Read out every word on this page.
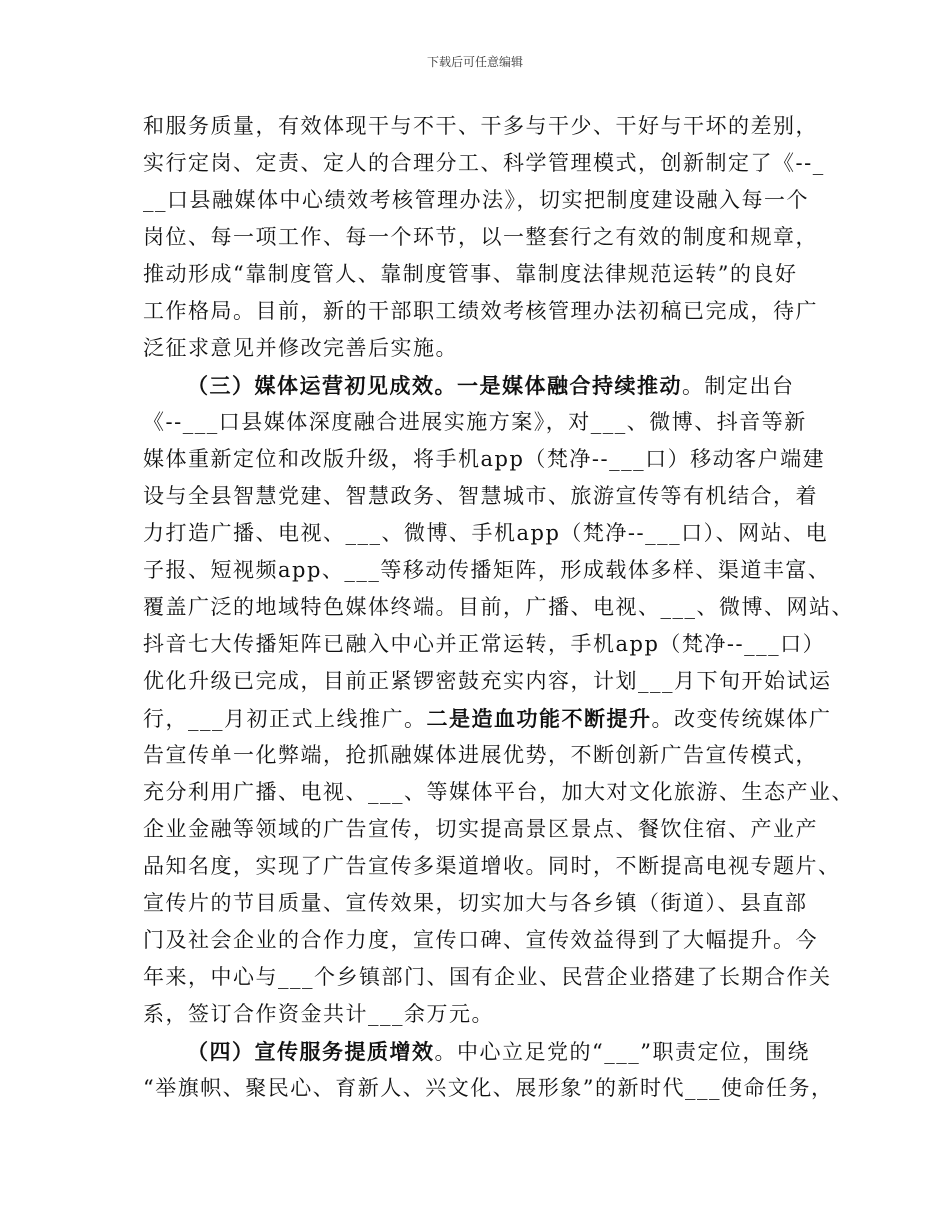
下载后可任意编辑
和服务质量，有效体现干与不干、干多与干少、干好与干坏的差别，
实行定岗、定责、定人的合理分工、科学管理模式，创新制定了《--_
__口县融媒体中心绩效考核管理办法》，切实把制度建设融入每一个
岗位、每一项工作、每一个环节，以一整套行之有效的制度和规章，
推动形成“靠制度管人、靠制度管事、靠制度法律规范运转”的良好
工作格局。目前，新的干部职工绩效考核管理办法初稿已完成，待广
泛征求意见并修改完善后实施。
（三）媒体运营初见成效。一是媒体融合持续推动。制定出台
《--___口县媒体深度融合进展实施方案》，对___、微博、抖音等新
媒体重新定位和改版升级，将手机app（梵净--___口）移动客户端建
设与全县智慧党建、智慧政务、智慧城市、旅游宣传等有机结合，着
力打造广播、电视、___、微博、手机app（梵净--___口）、网站、电
子报、短视频app、___等移动传播矩阵，形成载体多样、渠道丰富、
覆盖广泛的地域特色媒体终端。目前，广播、电视、___、微博、网站、
抖音七大传播矩阵已融入中心并正常运转，手机app（梵净--___口）
优化升级已完成，目前正紧锣密鼓充实内容，计划___月下旬开始试运
行，___月初正式上线推广。二是造血功能不断提升。改变传统媒体广
告宣传单一化弊端，抢抓融媒体进展优势，不断创新广告宣传模式，
充分利用广播、电视、___、等媒体平台，加大对文化旅游、生态产业、
企业金融等领域的广告宣传，切实提高景区景点、餐饮住宿、产业产
品知名度，实现了广告宣传多渠道增收。同时，不断提高电视专题片、
宣传片的节目质量、宣传效果，切实加大与各乡镇（街道）、县直部
门及社会企业的合作力度，宣传口碑、宣传效益得到了大幅提升。今
年来，中心与___个乡镇部门、国有企业、民营企业搭建了长期合作关
系，签订合作资金共计___余万元。
（四）宣传服务提质增效。中心立足党的“___”职责定位，围绕
“举旗帜、聚民心、育新人、兴文化、展形象”的新时代___使命任务，
